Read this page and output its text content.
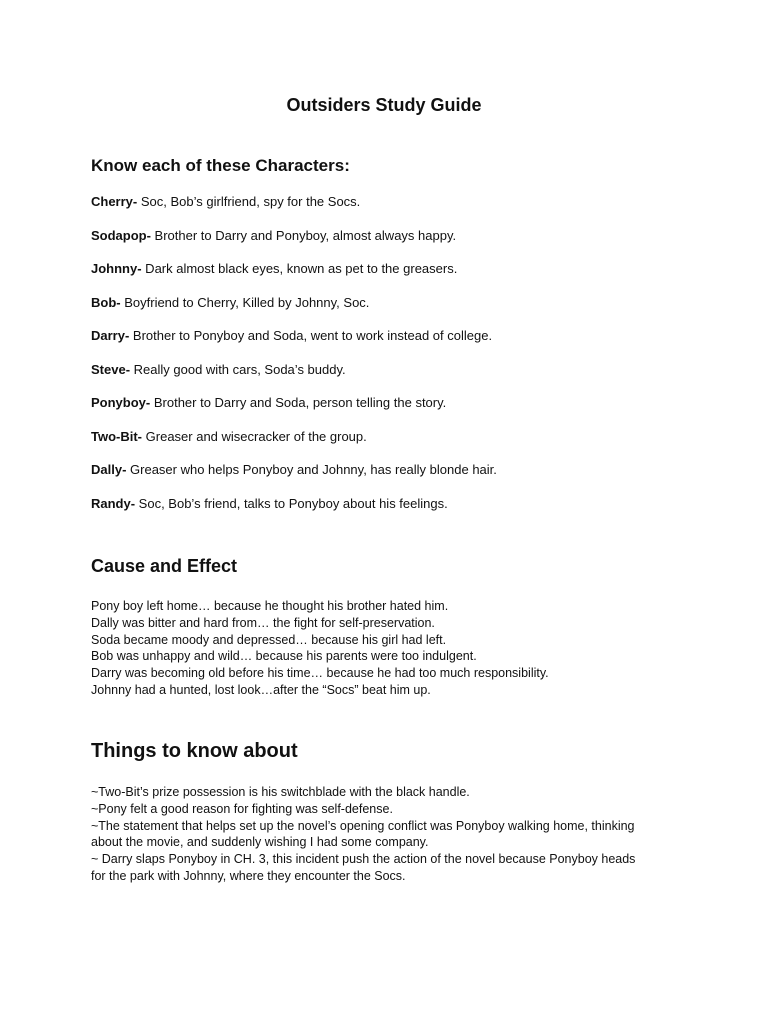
Outsiders Study Guide
Know each of these Characters:
Cherry- Soc, Bob’s girlfriend, spy for the Socs.
Sodapop- Brother to Darry and Ponyboy, almost always happy.
Johnny- Dark almost black eyes, known as pet to the greasers.
Bob- Boyfriend to Cherry, Killed by Johnny, Soc.
Darry- Brother to Ponyboy and Soda, went to work instead of college.
Steve- Really good with cars, Soda’s buddy.
Ponyboy- Brother to Darry and Soda, person telling the story.
Two-Bit- Greaser and wisecracker of the group.
Dally- Greaser who helps Ponyboy and Johnny, has really blonde hair.
Randy- Soc, Bob’s friend, talks to Ponyboy about his feelings.
Cause and Effect
Pony boy left home… because he thought his brother hated him.
Dally was bitter and hard from… the fight for self-preservation.
Soda became moody and depressed… because his girl had left.
Bob was unhappy and wild… because his parents were too indulgent.
Darry was becoming old before his time… because he had too much responsibility.
Johnny had a hunted, lost look…after the “Socs” beat him up.
Things to know about
~Two-Bit’s prize possession is his switchblade with the black handle.
~Pony felt a good reason for fighting was self-defense.
~The statement that helps set up the novel’s opening conflict was Ponyboy walking home, thinking about the movie, and suddenly wishing I had some company.
~ Darry slaps Ponyboy in CH. 3, this incident push the action of the novel because Ponyboy heads for the park with Johnny, where they encounter the Socs.
